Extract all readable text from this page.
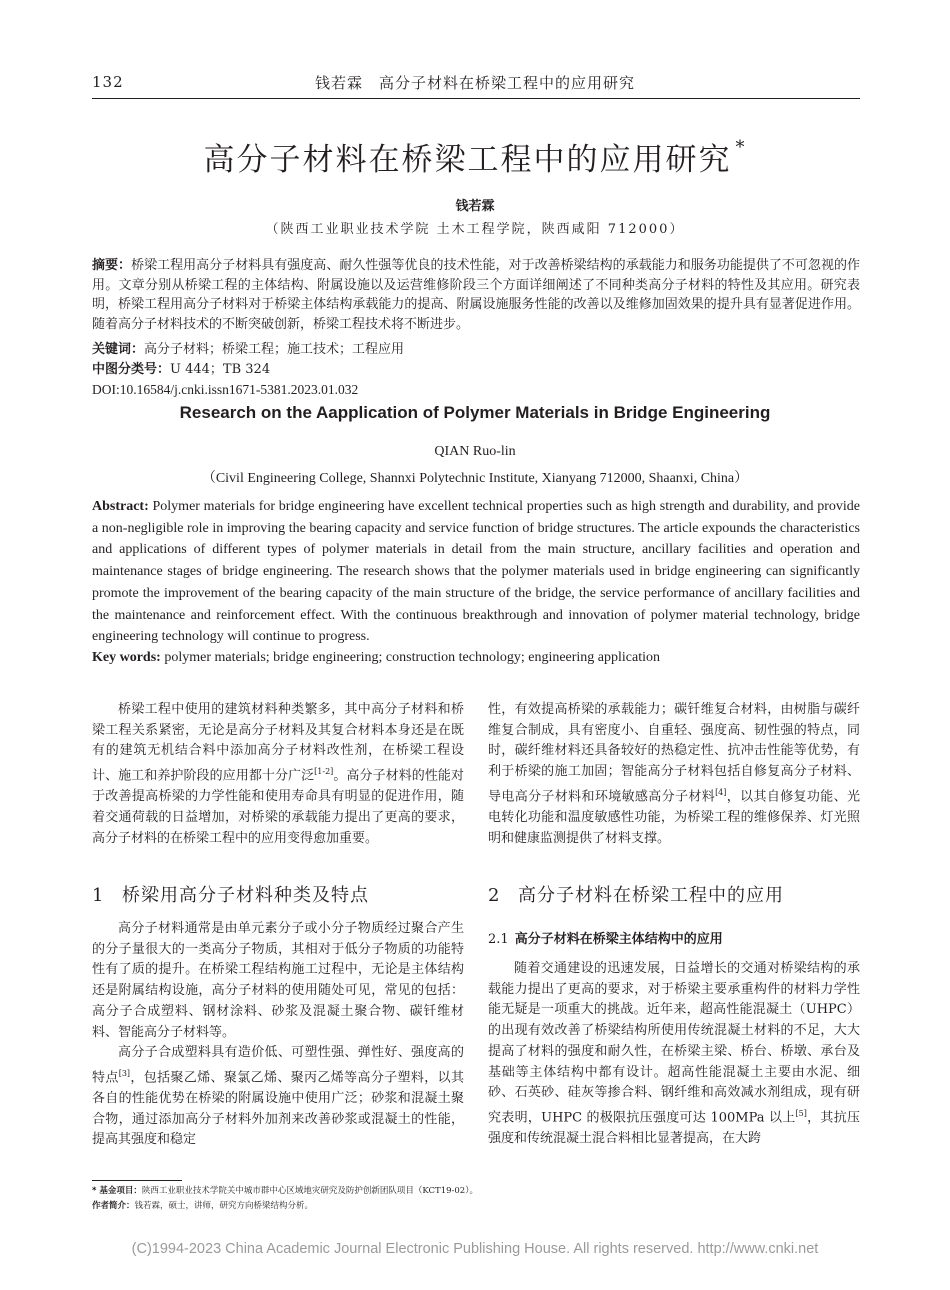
132	钱若霖　高分子材料在桥梁工程中的应用研究
高分子材料在桥梁工程中的应用研究 *
钱若霖
（陕西工业职业技术学院 土木工程学院，陕西咸阳 712000）
摘要：桥梁工程用高分子材料具有强度高、耐久性强等优良的技术性能，对于改善桥梁结构的承载能力和服务功能提供了不可忽视的作用。文章分别从桥梁工程的主体结构、附属设施以及运营维修阶段三个方面详细阐述了不同种类高分子材料的特性及其应用。研究表明，桥梁工程用高分子材料对于桥梁主体结构承载能力的提高、附属设施服务性能的改善以及维修加固效果的提升具有显著促进作用。随着高分子材料技术的不断突破创新，桥梁工程技术将不断进步。
关键词：高分子材料；桥梁工程；施工技术；工程应用
中图分类号：U 444；TB 324
DOI:10.16584/j.cnki.issn1671-5381.2023.01.032
Research on the Aapplication of Polymer Materials in Bridge Engineering
QIAN Ruo-lin
（Civil Engineering College, Shannxi Polytechnic Institute, Xianyang 712000, Shaanxi, China）
Abstract: Polymer materials for bridge engineering have excellent technical properties such as high strength and durability, and provide a non-negligible role in improving the bearing capacity and service function of bridge structures. The article expounds the characteristics and applications of different types of polymer materials in detail from the main structure, ancillary facilities and operation and maintenance stages of bridge engineering. The research shows that the polymer materials used in bridge engineering can significantly promote the improvement of the bearing capacity of the main structure of the bridge, the service performance of ancillary facilities and the maintenance and reinforcement effect. With the continuous breakthrough and innovation of polymer material technology, bridge engineering technology will continue to progress.
Key words: polymer materials; bridge engineering; construction technology; engineering application

桥梁工程中使用的建筑材料种类繁多，其中高分子材料和桥梁工程关系紧密，无论是高分子材料及其复合材料本身还是在既有的建筑无机结合料中添加高分子材料改性剂，在桥梁工程设计、施工和养护阶段的应用都十分广泛[1-2]。高分子材料的性能对于改善提高桥梁的力学性能和使用寿命具有明显的促进作用，随着交通荷载的日益增加，对桥梁的承载能力提出了更高的要求，高分子材料的在桥梁工程中的应用变得愈加重要。

1 桥梁用高分子材料种类及特点

高分子材料通常是由单元素分子或小分子物质经过聚合产生的分子量很大的一类高分子物质，其相对于低分子物质的功能特性有了质的提升。在桥梁工程结构施工过程中，无论是主体结构还是附属结构设施，高分子材料的使用随处可见，常见的包括：高分子合成塑料、钢材涂料、砂浆及混凝土聚合物、碳钎维材料、智能高分子材料等。

高分子合成塑料具有造价低、可塑性强、弹性好、强度高的特点[3]，包括聚乙烯、聚氯乙烯、聚丙乙烯等高分子塑料，以其各自的性能优势在桥梁的附属设施中使用广泛；砂浆和混凝土聚合物，通过添加高分子材料外加剂来改善砂浆或混凝土的性能，提高其强度和稳定

性，有效提高桥梁的承载能力；碳钎维复合材料，由树脂与碳纤维复合制成，具有密度小、自重轻、强度高、韧性强的特点，同时，碳纤维材料还具备较好的热稳定性、抗冲击性能等优势，有利于桥梁的施工加固；智能高分子材料包括自修复高分子材料、导电高分子材料和环境敏感高分子材料[4]，以其自修复功能、光电转化功能和温度敏感性功能，为桥梁工程的维修保养、灯光照明和健康监测提供了材料支撑。

2 高分子材料在桥梁工程中的应用
2.1 高分子材料在桥梁主体结构中的应用

随着交通建设的迅速发展，日益增长的交通对桥梁结构的承载能力提出了更高的要求，对于桥梁主要承重构件的材料力学性能无疑是一项重大的挑战。近年来，超高性能混凝土（UHPC）的出现有效改善了桥梁结构所使用传统混凝土材料的不足，大大提高了材料的强度和耐久性，在桥梁主梁、桥台、桥墩、承台及基础等主体结构中都有设计。超高性能混凝土主要由水泥、细砂、石英砂、硅灰等掺合料、钢纤维和高效减水剂组成，现有研究表明，UHPC 的极限抗压强度可达 100MPa 以上[5]，其抗压强度和传统混凝土混合料相比显著提高，在大跨

* 基金项目：陕西工业职业技术学院关中城市群中心区域地灾研究及防护创新团队项目（KCT19-02）。
作者简介：钱若霖，硕士，讲师，研究方向桥梁结构分析。
(C)1994-2023 China Academic Journal Electronic Publishing House. All rights reserved. http://www.cnki.net
